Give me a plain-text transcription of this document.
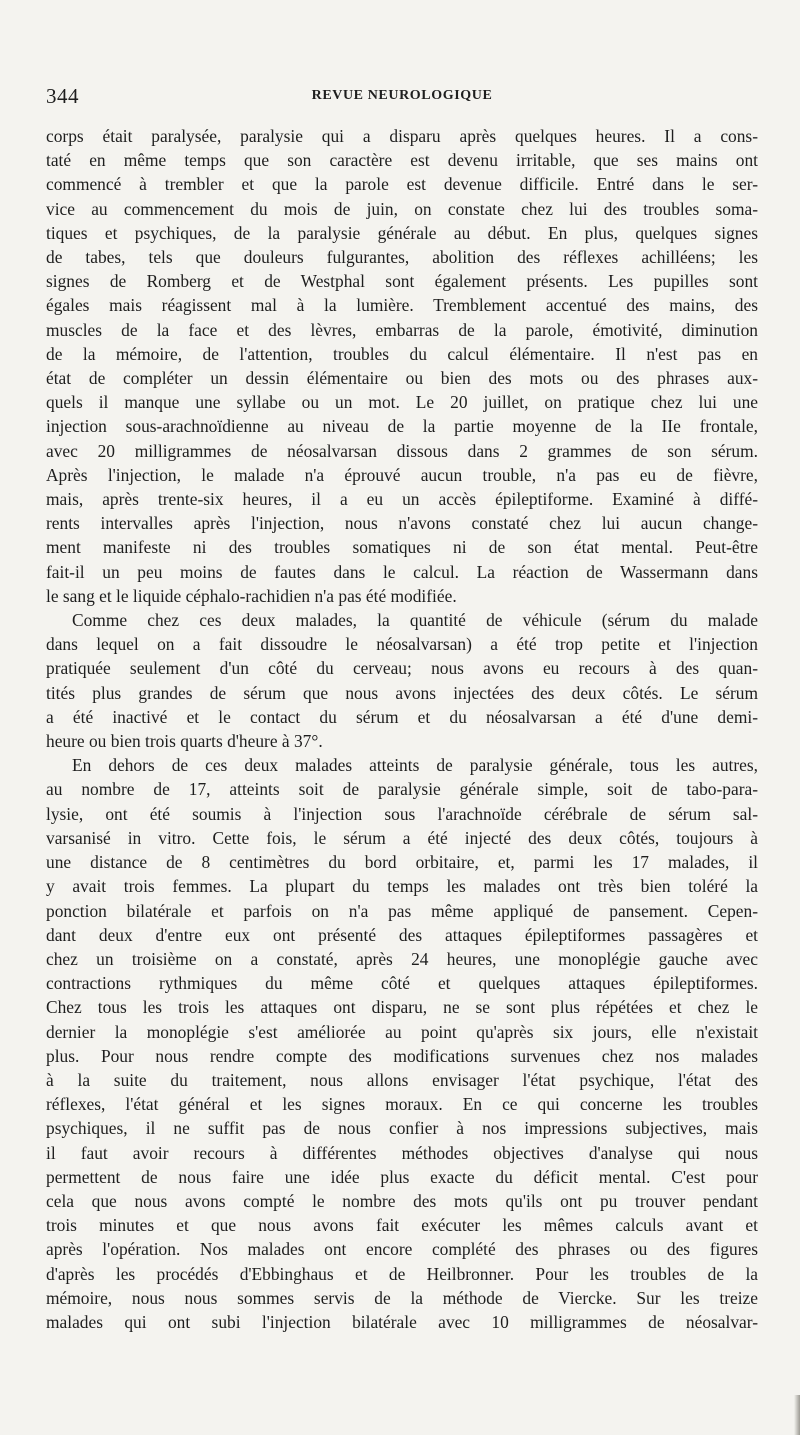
344	REVUE NEUROLOGIQUE

corps était paralysée, paralysie qui a disparu après quelques heures. Il a cons-

taté en même temps que son caractère est devenu irritable, que ses mains ont

commencé à trembler et que la parole est devenue difficile. Entré dans le ser-

vice au commencement du mois de juin, on constate chez lui des troubles soma-

tiques et psychiques, de la paralysie générale au début. En plus, quelques signes

de tabes, tels que douleurs fulgurantes, abolition des réflexes achilléens; les

signes de Romberg et de Westphal sont également présents. Les pupilles sont

égales mais réagissent mal à la lumière. Tremblement accentué des mains, des

muscles de la face et des lèvres, embarras de la parole, émotivité, diminution

de la mémoire, de l'attention, troubles du calcul élémentaire. Il n'est pas en

état de compléter un dessin élémentaire ou bien des mots ou des phrases aux-

quels il manque une syllabe ou un mot. Le 20 juillet, on pratique chez lui une

injection sous-arachnoïdienne au niveau de la partie moyenne de la IIe frontale,

avec 20 milligrammes de néosalvarsan dissous dans 2 grammes de son sérum.

Après l'injection, le malade n'a éprouvé aucun trouble, n'a pas eu de fièvre,

mais, après trente-six heures, il a eu un accès épileptiforme. Examiné à diffé-

rents intervalles après l'injection, nous n'avons constaté chez lui aucun change-

ment manifeste ni des troubles somatiques ni de son état mental. Peut-être

fait-il un peu moins de fautes dans le calcul. La réaction de Wassermann dans

le sang et le liquide céphalo-rachidien n'a pas été modifiée.

Comme chez ces deux malades, la quantité de véhicule (sérum du malade

dans lequel on a fait dissoudre le néosalvarsan) a été trop petite et l'injection

pratiquée seulement d'un côté du cerveau; nous avons eu recours à des quan-

tités plus grandes de sérum que nous avons injectées des deux côtés. Le sérum

a été inactivé et le contact du sérum et du néosalvarsan a été d'une demi-

heure ou bien trois quarts d'heure à 37°.

En dehors de ces deux malades atteints de paralysie générale, tous les autres,

au nombre de 17, atteints soit de paralysie générale simple, soit de tabo-para-

lysie, ont été soumis à l'injection sous l'arachnoïde cérébrale de sérum sal-

varsanisé in vitro. Cette fois, le sérum a été injecté des deux côtés, toujours à

une distance de 8 centimètres du bord orbitaire, et, parmi les 17 malades, il

y avait trois femmes. La plupart du temps les malades ont très bien toléré la

ponction bilatérale et parfois on n'a pas même appliqué de pansement. Cepen-

dant deux d'entre eux ont présenté des attaques épileptiformes passagères et

chez un troisième on a constaté, après 24 heures, une monoplégie gauche avec

contractions rythmiques du même côté et quelques attaques épileptiformes.

Chez tous les trois les attaques ont disparu, ne se sont plus répétées et chez le

dernier la monoplégie s'est améliorée au point qu'après six jours, elle n'existait

plus. Pour nous rendre compte des modifications survenues chez nos malades

à la suite du traitement, nous allons envisager l'état psychique, l'état des

réflexes, l'état général et les signes moraux. En ce qui concerne les troubles

psychiques, il ne suffit pas de nous confier à nos impressions subjectives, mais

il faut avoir recours à différentes méthodes objectives d'analyse qui nous

permettent de nous faire une idée plus exacte du déficit mental. C'est pour

cela que nous avons compté le nombre des mots qu'ils ont pu trouver pendant

trois minutes et que nous avons fait exécuter les mêmes calculs avant et

après l'opération. Nos malades ont encore complété des phrases ou des figures

d'après les procédés d'Ebbinghaus et de Heilbronner. Pour les troubles de la

mémoire, nous nous sommes servis de la méthode de Viercke. Sur les treize

malades qui ont subi l'injection bilatérale avec 10 milligrammes de néosalvar-
